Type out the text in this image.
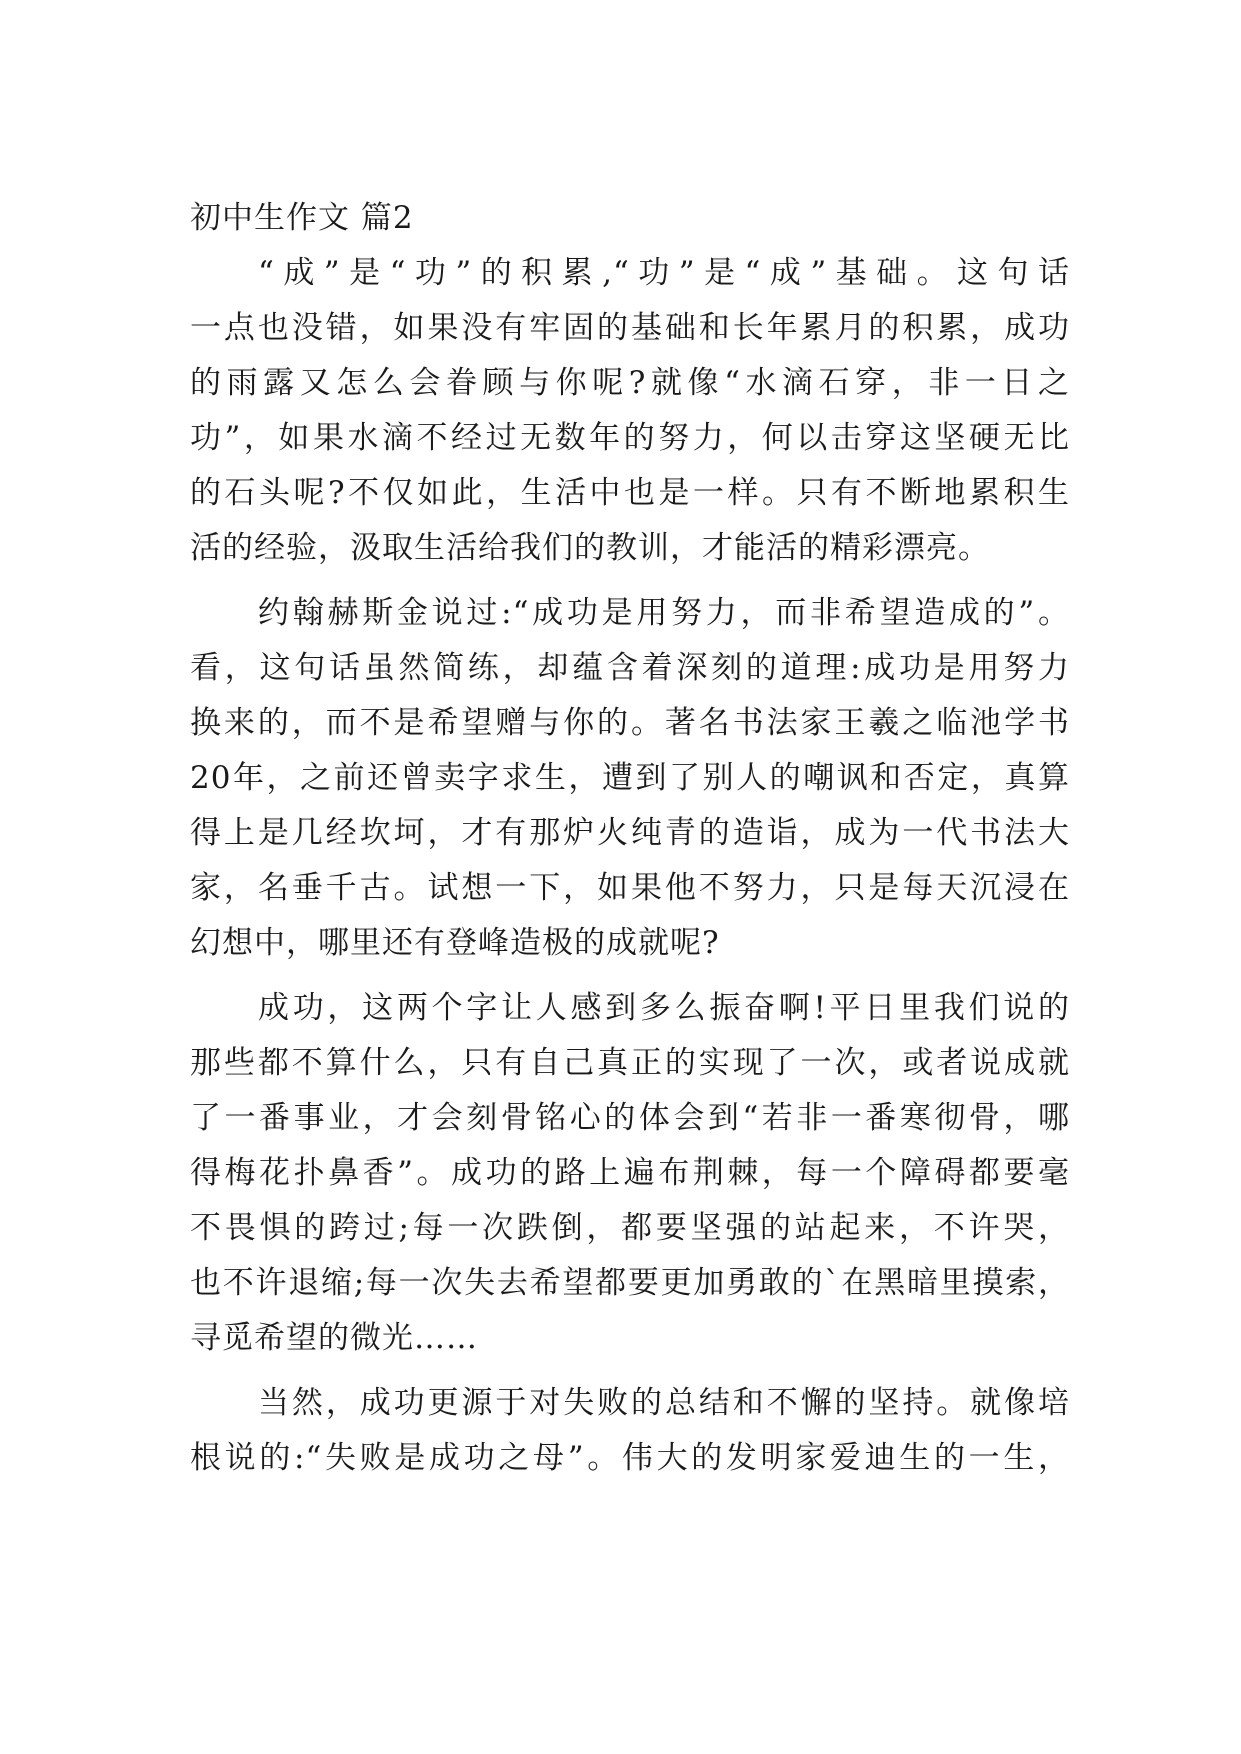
初中生作文 篇2
“成”是“功”的积累,“功”是“成”基础。这句话
一点也没错，如果没有牢固的基础和长年累月的积累，成功
的雨露又怎么会眷顾与你呢?就像“水滴石穿，非一日之
功”，如果水滴不经过无数年的努力，何以击穿这坚硬无比
的石头呢?不仅如此，生活中也是一样。只有不断地累积生
活的经验，汲取生活给我们的教训，才能活的精彩漂亮。
约翰赫斯金说过:“成功是用努力，而非希望造成的”。
看，这句话虽然简练，却蕴含着深刻的道理:成功是用努力
换来的，而不是希望赠与你的。著名书法家王羲之临池学书
20年，之前还曾卖字求生，遭到了别人的嘲讽和否定，真算
得上是几经坎坷，才有那炉火纯青的造诣，成为一代书法大
家，名垂千古。试想一下，如果他不努力，只是每天沉浸在
幻想中，哪里还有登峰造极的成就呢?
成功，这两个字让人感到多么振奋啊!平日里我们说的
那些都不算什么，只有自己真正的实现了一次，或者说成就
了一番事业，才会刻骨铭心的体会到“若非一番寒彻骨，哪
得梅花扑鼻香”。成功的路上遍布荆棘，每一个障碍都要毫
不畏惧的跨过;每一次跌倒，都要坚强的站起来，不许哭，
也不许退缩;每一次失去希望都要更加勇敢的`在黑暗里摸索，
寻觅希望的微光……
当然，成功更源于对失败的总结和不懈的坚持。就像培
根说的:“失败是成功之母”。伟大的发明家爱迪生的一生，
